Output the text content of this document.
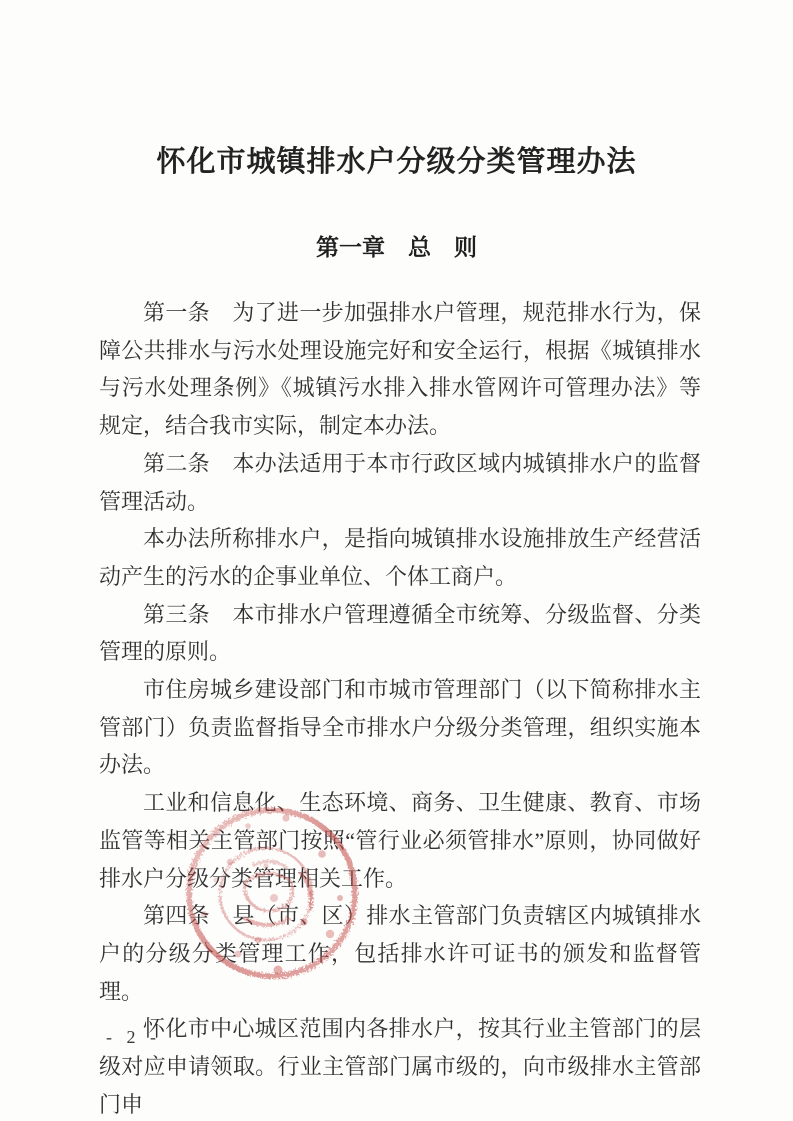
怀化市城镇排水户分级分类管理办法
第一章　总　则

第一条　为了进一步加强排水户管理，规范排水行为，保障公共排水与污水处理设施完好和安全运行，根据《城镇排水与污水处理条例》《城镇污水排入排水管网许可管理办法》等规定，结合我市实际，制定本办法。

第二条　本办法适用于本市行政区域内城镇排水户的监督管理活动。

本办法所称排水户，是指向城镇排水设施排放生产经营活动产生的污水的企事业单位、个体工商户。

第三条　本市排水户管理遵循全市统筹、分级监督、分类管理的原则。

市住房城乡建设部门和市城市管理部门（以下简称排水主管部门）负责监督指导全市排水户分级分类管理，组织实施本办法。

工业和信息化、生态环境、商务、卫生健康、教育、市场监管等相关主管部门按照“管行业必须管排水”原则，协同做好排水户分级分类管理相关工作。

第四条　县（市、区）排水主管部门负责辖区内城镇排水户的分级分类管理工作，包括排水许可证书的颁发和监督管理。

怀化市中心城区范围内各排水户，按其行业主管部门的层级对应申请领取。行业主管部门属市级的，向市级排水主管部门申

- 2 -
